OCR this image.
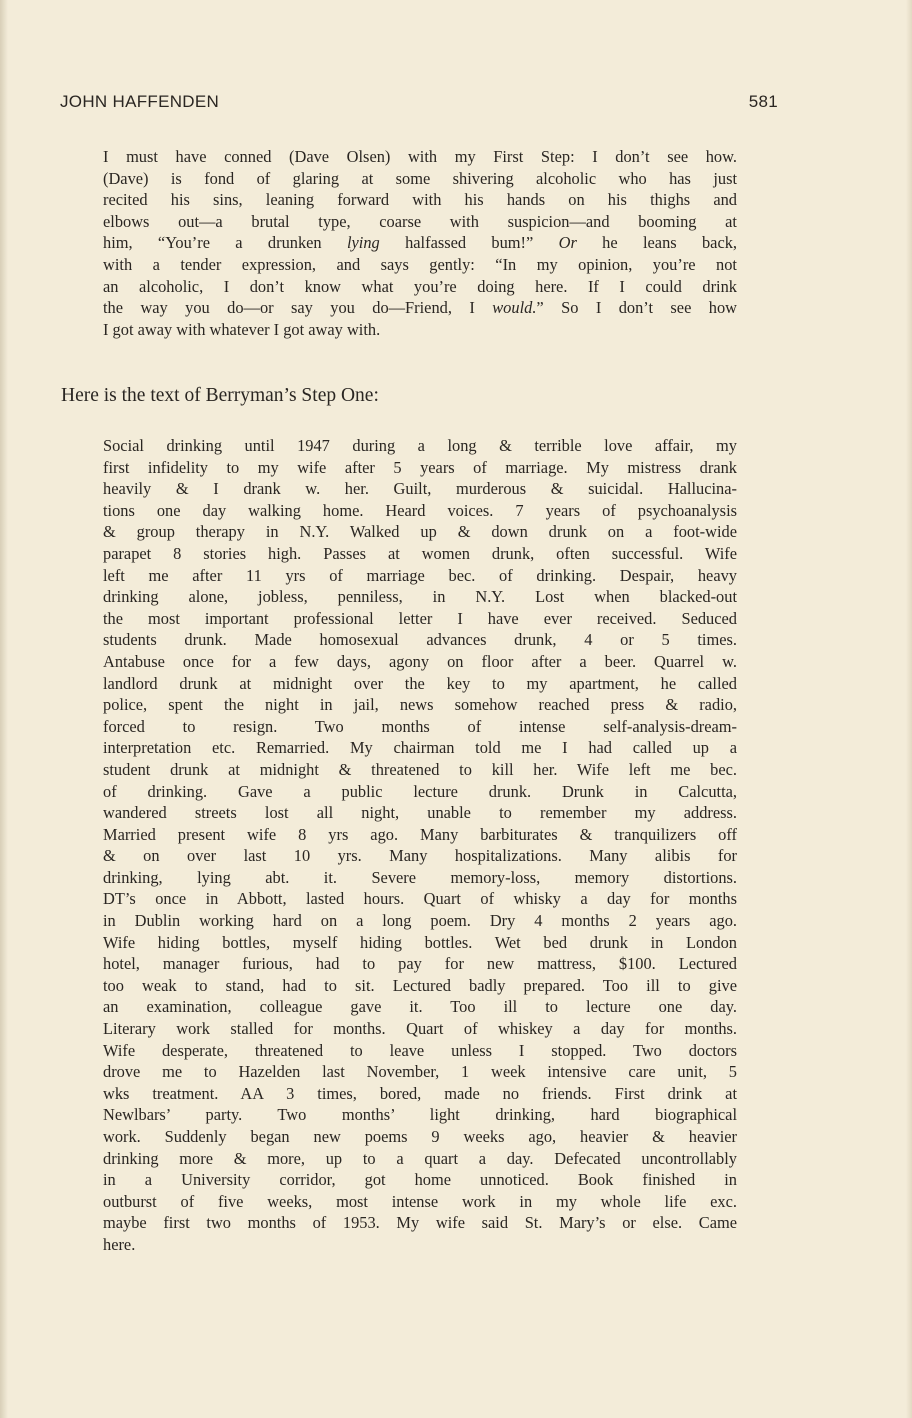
JOHN HAFFENDEN	581
I must have conned (Dave Olsen) with my First Step: I don’t see how.
(Dave) is fond of glaring at some shivering alcoholic who has just
recited his sins, leaning forward with his hands on his thighs and
elbows out—a brutal type, coarse with suspicion—and booming at
him, “You’re a drunken lying halfassed bum!” Or he leans back,
with a tender expression, and says gently: “In my opinion, you’re not
an alcoholic, I don’t know what you’re doing here. If I could drink
the way you do—or say you do—Friend, I would.” So I don’t see how
I got away with whatever I got away with.
Here is the text of Berryman’s Step One:
Social drinking until 1947 during a long & terrible love affair, my
first infidelity to my wife after 5 years of marriage. My mistress drank
heavily & I drank w. her. Guilt, murderous & suicidal. Hallucina-
tions one day walking home. Heard voices. 7 years of psychoanalysis
& group therapy in N.Y. Walked up & down drunk on a foot-wide
parapet 8 stories high. Passes at women drunk, often successful. Wife
left me after 11 yrs of marriage bec. of drinking. Despair, heavy
drinking alone, jobless, penniless, in N.Y. Lost when blacked-out
the most important professional letter I have ever received. Seduced
students drunk. Made homosexual advances drunk, 4 or 5 times.
Antabuse once for a few days, agony on floor after a beer. Quarrel w.
landlord drunk at midnight over the key to my apartment, he called
police, spent the night in jail, news somehow reached press & radio,
forced to resign. Two months of intense self-analysis-dream-
interpretation etc. Remarried. My chairman told me I had called up a
student drunk at midnight & threatened to kill her. Wife left me bec.
of drinking. Gave a public lecture drunk. Drunk in Calcutta,
wandered streets lost all night, unable to remember my address.
Married present wife 8 yrs ago. Many barbiturates & tranquilizers off
& on over last 10 yrs. Many hospitalizations. Many alibis for
drinking, lying abt. it. Severe memory-loss, memory distortions.
DT’s once in Abbott, lasted hours. Quart of whisky a day for months
in Dublin working hard on a long poem. Dry 4 months 2 years ago.
Wife hiding bottles, myself hiding bottles. Wet bed drunk in London
hotel, manager furious, had to pay for new mattress, $100. Lectured
too weak to stand, had to sit. Lectured badly prepared. Too ill to give
an examination, colleague gave it. Too ill to lecture one day.
Literary work stalled for months. Quart of whiskey a day for months.
Wife desperate, threatened to leave unless I stopped. Two doctors
drove me to Hazelden last November, 1 week intensive care unit, 5
wks treatment. AA 3 times, bored, made no friends. First drink at
Newlbars’ party. Two months’ light drinking, hard biographical
work. Suddenly began new poems 9 weeks ago, heavier & heavier
drinking more & more, up to a quart a day. Defecated uncontrollably
in a University corridor, got home unnoticed. Book finished in
outburst of five weeks, most intense work in my whole life exc.
maybe first two months of 1953. My wife said St. Mary’s or else. Came
here.
